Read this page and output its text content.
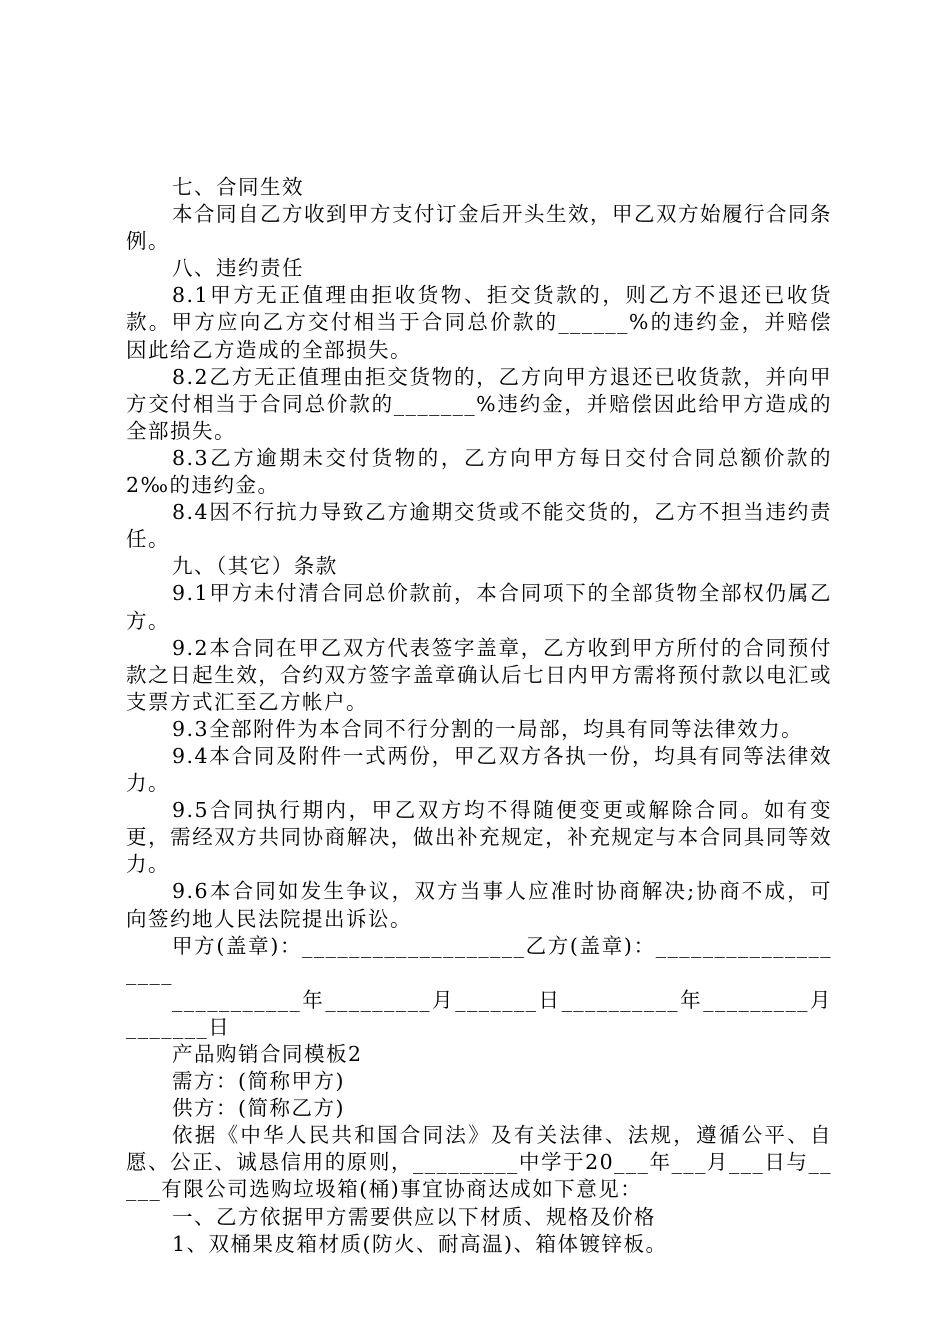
七、合同生效

本合同自乙方收到甲方支付订金后开头生效，甲乙双方始履行合同条例。

八、违约责任

8.1甲方无正值理由拒收货物、拒交货款的，则乙方不退还已收货款。甲方应向乙方交付相当于合同总价款的______%的违约金，并赔偿因此给乙方造成的全部损失。

8.2乙方无正值理由拒交货物的，乙方向甲方退还已收货款，并向甲方交付相当于合同总价款的_______%违约金，并赔偿因此给甲方造成的全部损失。

8.3乙方逾期未交付货物的，乙方向甲方每日交付合同总额价款的2‰的违约金。

8.4因不行抗力导致乙方逾期交货或不能交货的，乙方不担当违约责任。

九、（其它）条款

9.1甲方未付清合同总价款前，本合同项下的全部货物全部权仍属乙方。

9.2本合同在甲乙双方代表签字盖章，乙方收到甲方所付的合同预付款之日起生效，合约双方签字盖章确认后七日内甲方需将预付款以电汇或支票方式汇至乙方帐户。

9.3全部附件为本合同不行分割的一局部，均具有同等法律效力。

9.4本合同及附件一式两份，甲乙双方各执一份，均具有同等法律效力。

9.5合同执行期内，甲乙双方均不得随便变更或解除合同。如有变更，需经双方共同协商解决，做出补充规定，补充规定与本合同具同等效力。

9.6本合同如发生争议，双方当事人应准时协商解决;协商不成，可向签约地人民法院提出诉讼。

甲方(盖章)：___________________乙方(盖章)：___________________

___________年_________月_______日__________年_________月_______日

产品购销合同模板2

需方：(简称甲方)

供方：(简称乙方)

依据《中华人民共和国合同法》及有关法律、法规，遵循公平、自愿、公正、诚恳信用的原则，_________中学于20___年___月___日与_____有限公司选购垃圾箱(桶)事宜协商达成如下意见：

一、乙方依据甲方需要供应以下材质、规格及价格

1、双桶果皮箱材质(防火、耐高温)、箱体镀锌板。
